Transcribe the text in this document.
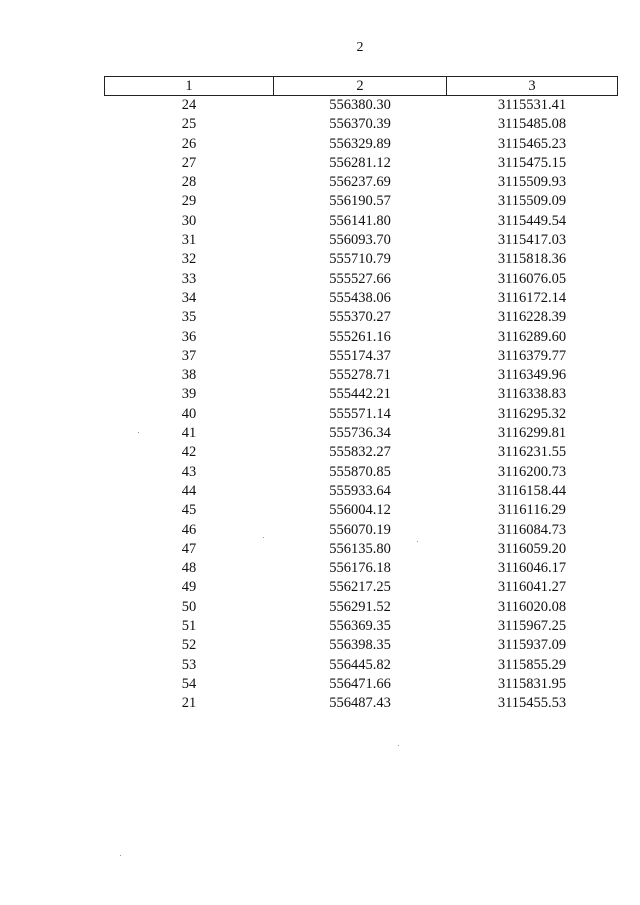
2
1	2	3
24	556380.30	3115531.41
25	556370.39	3115485.08
26	556329.89	3115465.23
27	556281.12	3115475.15
28	556237.69	3115509.93
29	556190.57	3115509.09
30	556141.80	3115449.54
31	556093.70	3115417.03
32	555710.79	3115818.36
33	555527.66	3116076.05
34	555438.06	3116172.14
35	555370.27	3116228.39
36	555261.16	3116289.60
37	555174.37	3116379.77
38	555278.71	3116349.96
39	555442.21	3116338.83
40	555571.14	3116295.32
41	555736.34	3116299.81
42	555832.27	3116231.55
43	555870.85	3116200.73
44	555933.64	3116158.44
45	556004.12	3116116.29
46	556070.19	3116084.73
47	556135.80	3116059.20
48	556176.18	3116046.17
49	556217.25	3116041.27
50	556291.52	3116020.08
51	556369.35	3115967.25
52	556398.35	3115937.09
53	556445.82	3115855.29
54	556471.66	3115831.95
21	556487.43	3115455.53
